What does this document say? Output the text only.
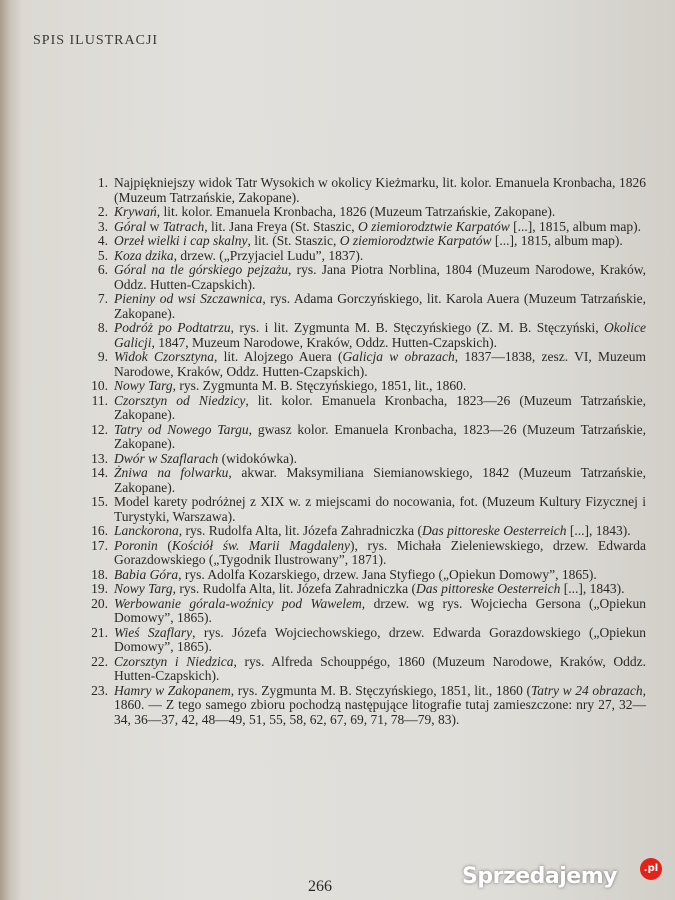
SPIS ILUSTRACJI
1. Najpiękniejszy widok Tatr Wysokich w okolicy Kieżmarku, lit. kolor. Emanuela Kronbacha, 1826 (Muzeum Tatrzańskie, Zakopane).
2. Krywań, lit. kolor. Emanuela Kronbacha, 1826 (Muzeum Tatrzańskie, Zakopane).
3. Góral w Tatrach, lit. Jana Freya (St. Staszic, O ziemiorodztwie Karpatów [...], 1815, album map).
4. Orzeł wielki i cap skalny, lit. (St. Staszic, O ziemiorodztwie Karpatów [...], 1815, album map).
5. Koza dzika, drzew. („Przyjaciel Ludu”, 1837).
6. Góral na tle górskiego pejzażu, rys. Jana Piotra Norblina, 1804 (Muzeum Narodowe, Kraków, Oddz. Hutten-Czapskich).
7. Pieniny od wsi Szczawnica, rys. Adama Gorczyńskiego, lit. Karola Auera (Muzeum Tatrzańskie, Zakopane).
8. Podróż po Podtatrzu, rys. i lit. Zygmunta M. B. Stęczyńskiego (Z. M. B. Stęczyński, Okolice Galicji, 1847, Muzeum Narodowe, Kraków, Oddz. Hutten-Czapskich).
9. Widok Czorsztyna, lit. Alojzego Auera (Galicja w obrazach, 1837—1838, zesz. VI, Muzeum Narodowe, Kraków, Oddz. Hutten-Czapskich).
10. Nowy Targ, rys. Zygmunta M. B. Stęczyńskiego, 1851, lit., 1860.
11. Czorsztyn od Niedzicy, lit. kolor. Emanuela Kronbacha, 1823—26 (Muzeum Tatrzańskie, Zakopane).
12. Tatry od Nowego Targu, gwasz kolor. Emanuela Kronbacha, 1823—26 (Muzeum Tatrzańskie, Zakopane).
13. Dwór w Szaflarach (widokówka).
14. Żniwa na folwarku, akwar. Maksymiliana Siemianowskiego, 1842 (Muzeum Tatrzańskie, Zakopane).
15. Model karety podróżnej z XIX w. z miejscami do nocowania, fot. (Muzeum Kultury Fizycznej i Turystyki, Warszawa).
16. Lanckorona, rys. Rudolfa Alta, lit. Józefa Zahradniczka (Das pittoreske Oesterreich [...], 1843).
17. Poronin (Kościół św. Marii Magdaleny), rys. Michała Zieleniewskiego, drzew. Edwarda Gorazdowskiego („Tygodnik Ilustrowany”, 1871).
18. Babia Góra, rys. Adolfa Kozarskiego, drzew. Jana Styfiego („Opiekun Domowy”, 1865).
19. Nowy Targ, rys. Rudolfa Alta, lit. Józefa Zahradniczka (Das pittoreske Oesterreich [...], 1843).
20. Werbowanie górala-woźnicy pod Wawelem, drzew. wg rys. Wojciecha Gersona („Opiekun Domowy”, 1865).
21. Wieś Szaflary, rys. Józefa Wojciechowskiego, drzew. Edwarda Gorazdowskiego („Opiekun Domowy”, 1865).
22. Czorsztyn i Niedzica, rys. Alfreda Schouppégo, 1860 (Muzeum Narodowe, Kraków, Oddz. Hutten-Czapskich).
23. Hamry w Zakopanem, rys. Zygmunta M. B. Stęczyńskiego, 1851, lit., 1860 (Tatry w 24 obrazach, 1860. — Z tego samego zbioru pochodzą następujące litografie tutaj zamieszczone: nry 27, 32—34, 36—37, 42, 48—49, 51, 55, 58, 62, 67, 69, 71, 78—79, 83).
266	Sprzedajemy	.pl
